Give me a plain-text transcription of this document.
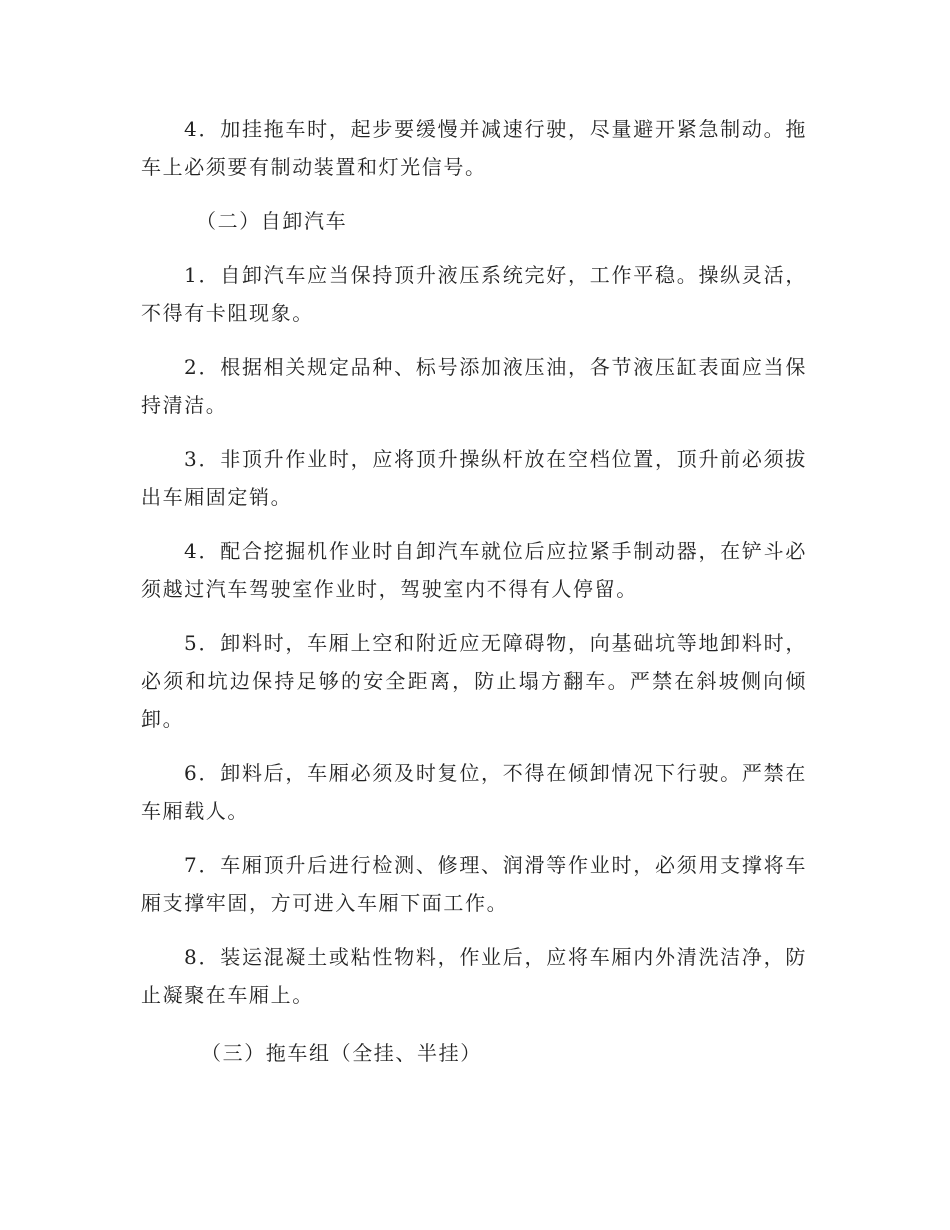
4．加挂拖车时，起步要缓慢并减速行驶，尽量避开紧急制动。拖车上必须要有制动装置和灯光信号。

（二）自卸汽车

1．自卸汽车应当保持顶升液压系统完好，工作平稳。操纵灵活，不得有卡阻现象。

2．根据相关规定品种、标号添加液压油，各节液压缸表面应当保持清洁。

3．非顶升作业时，应将顶升操纵杆放在空档位置，顶升前必须拔出车厢固定销。

4．配合挖掘机作业时自卸汽车就位后应拉紧手制动器，在铲斗必须越过汽车驾驶室作业时，驾驶室内不得有人停留。

5．卸料时，车厢上空和附近应无障碍物，向基础坑等地卸料时，必须和坑边保持足够的安全距离，防止塌方翻车。严禁在斜坡侧向倾卸。

6．卸料后，车厢必须及时复位，不得在倾卸情况下行驶。严禁在车厢载人。

7．车厢顶升后进行检测、修理、润滑等作业时，必须用支撑将车厢支撑牢固，方可进入车厢下面工作。

8．装运混凝土或粘性物料，作业后，应将车厢内外清洗洁净，防止凝聚在车厢上。

（三）拖车组（全挂、半挂）
